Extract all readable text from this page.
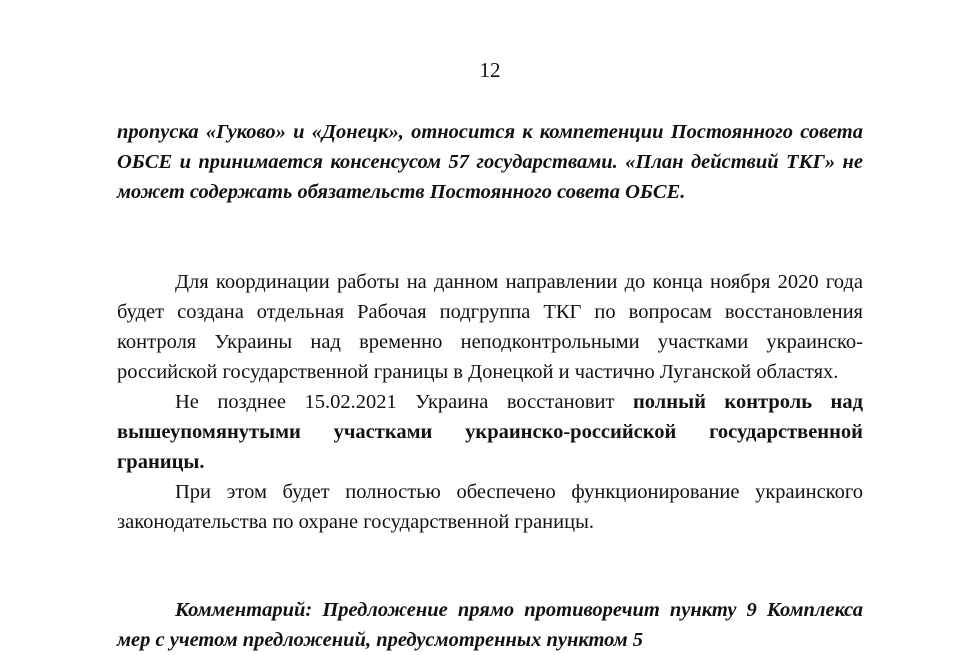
12

пропуска «Гуково» и «Донецк», относится к компетенции Постоянного совета ОБСЕ и принимается консенсусом 57 государствами. «План действий ТКГ» не может содержать обязательств Постоянного совета ОБСЕ.

Для координации работы на данном направлении до конца ноября 2020 года будет создана отдельная Рабочая подгруппа ТКГ по вопросам восстановления контроля Украины над временно неподконтрольными участками украинско-российской государственной границы в Донецкой и частично Луганской областях.

Не позднее 15.02.2021 Украина восстановит полный контроль над вышеупомянутыми участками украинско-российской государственной границы.

При этом будет полностью обеспечено функционирование украинского законодательства по охране государственной границы.

Комментарий: Предложение прямо противоречит пункту 9 Комплекса мер с учетом предложений, предусмотренных пунктом 5
